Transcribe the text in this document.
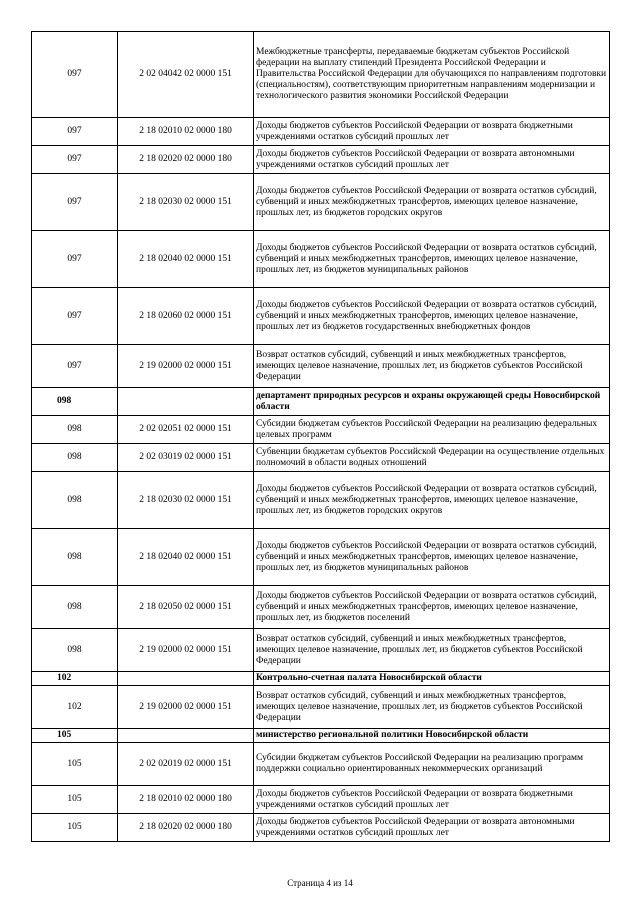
097	2 02 04042 02 0000 151	Межбюджетные трансферты, передаваемые бюджетам субъектов Российской федерации на выплату стипендий Президента Российской Федерации и Правительства Российской Федерации для обучающихся по направлениям подготовки (специальностям), соответствующим приоритетным направлениям модернизации и технологического развития экономики Российской Федерации
097	2 18 02010 02 0000 180	Доходы бюджетов субъектов Российской Федерации от возврата бюджетными учреждениями остатков субсидий прошлых лет
097	2 18 02020 02 0000 180	Доходы бюджетов субъектов Российской Федерации от возврата автономными учреждениями остатков субсидий прошлых лет
097	2 18 02030 02 0000 151	Доходы бюджетов субъектов Российской Федерации от возврата остатков субсидий, субвенций и иных межбюджетных трансфертов, имеющих целевое назначение, прошлых лет, из бюджетов городских округов
097	2 18 02040 02 0000 151	Доходы бюджетов субъектов Российской Федерации от возврата остатков субсидий, субвенций и иных межбюджетных трансфертов, имеющих целевое назначение, прошлых лет, из бюджетов муниципальных районов
097	2 18 02060 02 0000 151	Доходы бюджетов субъектов Российской Федерации от возврата остатков субсидий, субвенций и иных межбюджетных трансфертов, имеющих целевое назначение, прошлых лет из бюджетов государственных внебюджетных фондов
097	2 19 02000 02 0000 151	Возврат остатков субсидий, субвенций и иных межбюджетных трансфертов, имеющих целевое назначение, прошлых лет, из бюджетов субъектов Российской Федерации
098		департамент природных ресурсов и охраны окружающей среды Новосибирской области
098	2 02 02051 02 0000 151	Субсидии бюджетам субъектов Российской Федерации на реализацию федеральных целевых программ
098	2 02 03019 02 0000 151	Субвенции бюджетам субъектов Российской Федерации на осуществление отдельных полномочий в области водных отношений
098	2 18 02030 02 0000 151	Доходы бюджетов субъектов Российской Федерации от возврата остатков субсидий, субвенций и иных межбюджетных трансфертов, имеющих целевое назначение, прошлых лет, из бюджетов городских округов
098	2 18 02040 02 0000 151	Доходы бюджетов субъектов Российской Федерации от возврата остатков субсидий, субвенций и иных межбюджетных трансфертов, имеющих целевое назначение, прошлых лет, из бюджетов муниципальных районов
098	2 18 02050 02 0000 151	Доходы бюджетов субъектов Российской Федерации от возврата остатков субсидий, субвенций и иных межбюджетных трансфертов, имеющих целевое назначение, прошлых лет, из бюджетов поселений
098	2 19 02000 02 0000 151	Возврат остатков субсидий, субвенций и иных межбюджетных трансфертов, имеющих целевое назначение, прошлых лет, из бюджетов субъектов Российской Федерации
102		Контрольно-счетная палата Новосибирской области
102	2 19 02000 02 0000 151	Возврат остатков субсидий, субвенций и иных межбюджетных трансфертов, имеющих целевое назначение, прошлых лет, из бюджетов субъектов Российской Федерации
105		министерство региональной политики Новосибирской области
105	2 02 02019 02 0000 151	Субсидии бюджетам субъектов Российской Федерации на реализацию программ поддержки социально ориентированных некоммерческих организаций
105	2 18 02010 02 0000 180	Доходы бюджетов субъектов Российской Федерации от возврата бюджетными учреждениями остатков субсидий прошлых лет
105	2 18 02020 02 0000 180	Доходы бюджетов субъектов Российской Федерации от возврата автономными учреждениями остатков субсидий прошлых лет
Страница 4 из 14
